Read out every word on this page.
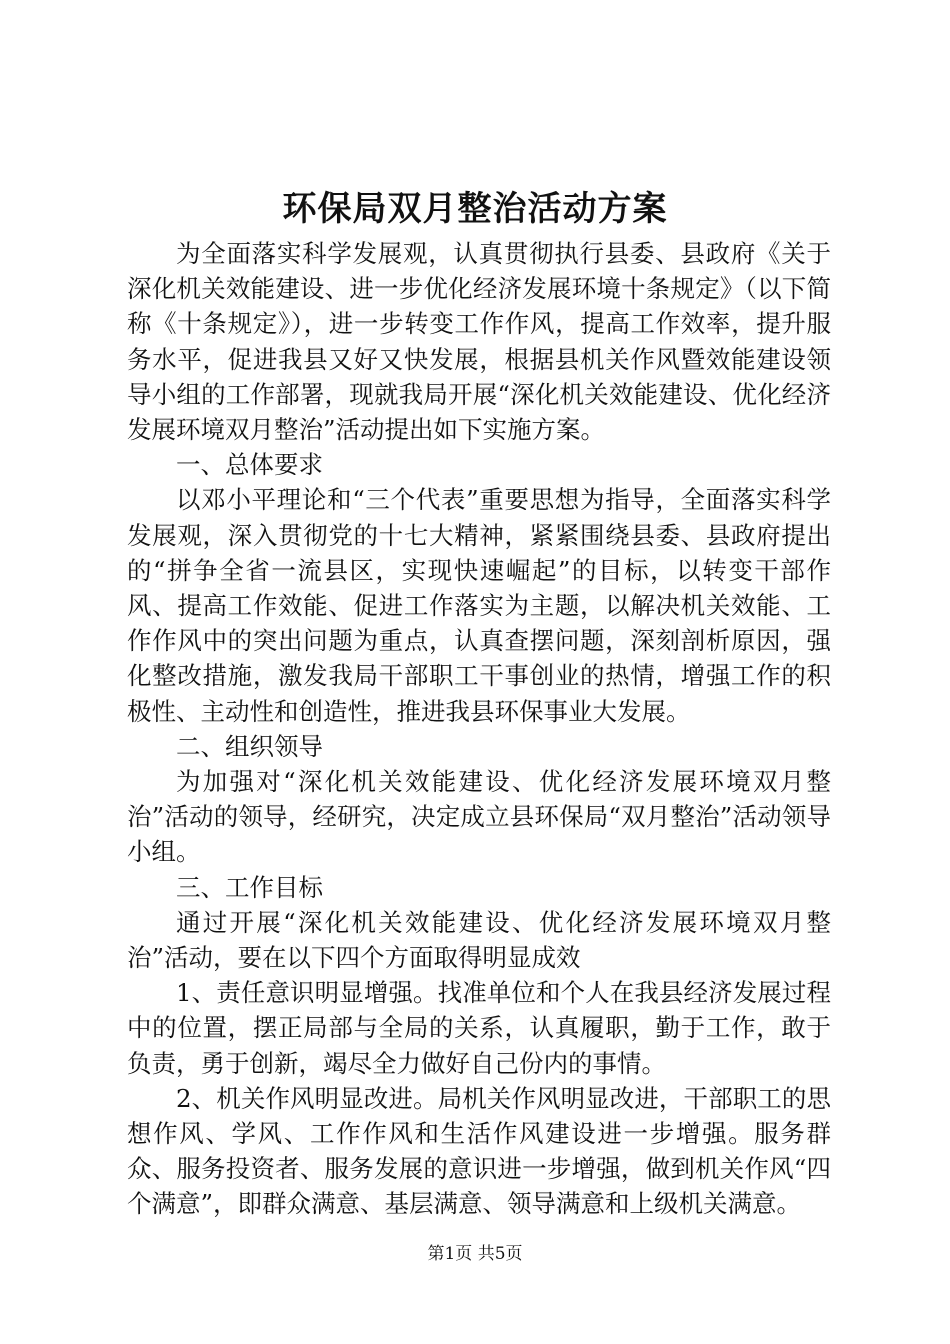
环保局双月整治活动方案

为全面落实科学发展观，认真贯彻执行县委、县政府《关于深化机关效能建设、进一步优化经济发展环境十条规定》（以下简称《十条规定》），进一步转变工作作风，提高工作效率，提升服务水平，促进我县又好又快发展，根据县机关作风暨效能建设领导小组的工作部署，现就我局开展“深化机关效能建设、优化经济发展环境双月整治”活动提出如下实施方案。

一、总体要求

以邓小平理论和“三个代表”重要思想为指导，全面落实科学发展观，深入贯彻党的十七大精神，紧紧围绕县委、县政府提出的“拼争全省一流县区，实现快速崛起”的目标，以转变干部作风、提高工作效能、促进工作落实为主题，以解决机关效能、工作作风中的突出问题为重点，认真查摆问题，深刻剖析原因，强化整改措施，激发我局干部职工干事创业的热情，增强工作的积极性、主动性和创造性，推进我县环保事业大发展。

二、组织领导

为加强对“深化机关效能建设、优化经济发展环境双月整治”活动的领导，经研究，决定成立县环保局“双月整治”活动领导小组。

三、工作目标

通过开展“深化机关效能建设、优化经济发展环境双月整治”活动，要在以下四个方面取得明显成效

1、责任意识明显增强。找准单位和个人在我县经济发展过程中的位置，摆正局部与全局的关系，认真履职，勤于工作，敢于负责，勇于创新，竭尽全力做好自己份内的事情。

2、机关作风明显改进。局机关作风明显改进，干部职工的思想作风、学风、工作作风和生活作风建设进一步增强。服务群众、服务投资者、服务发展的意识进一步增强，做到机关作风“四个满意”，即群众满意、基层满意、领导满意和上级机关满意。

第1页 共5页
